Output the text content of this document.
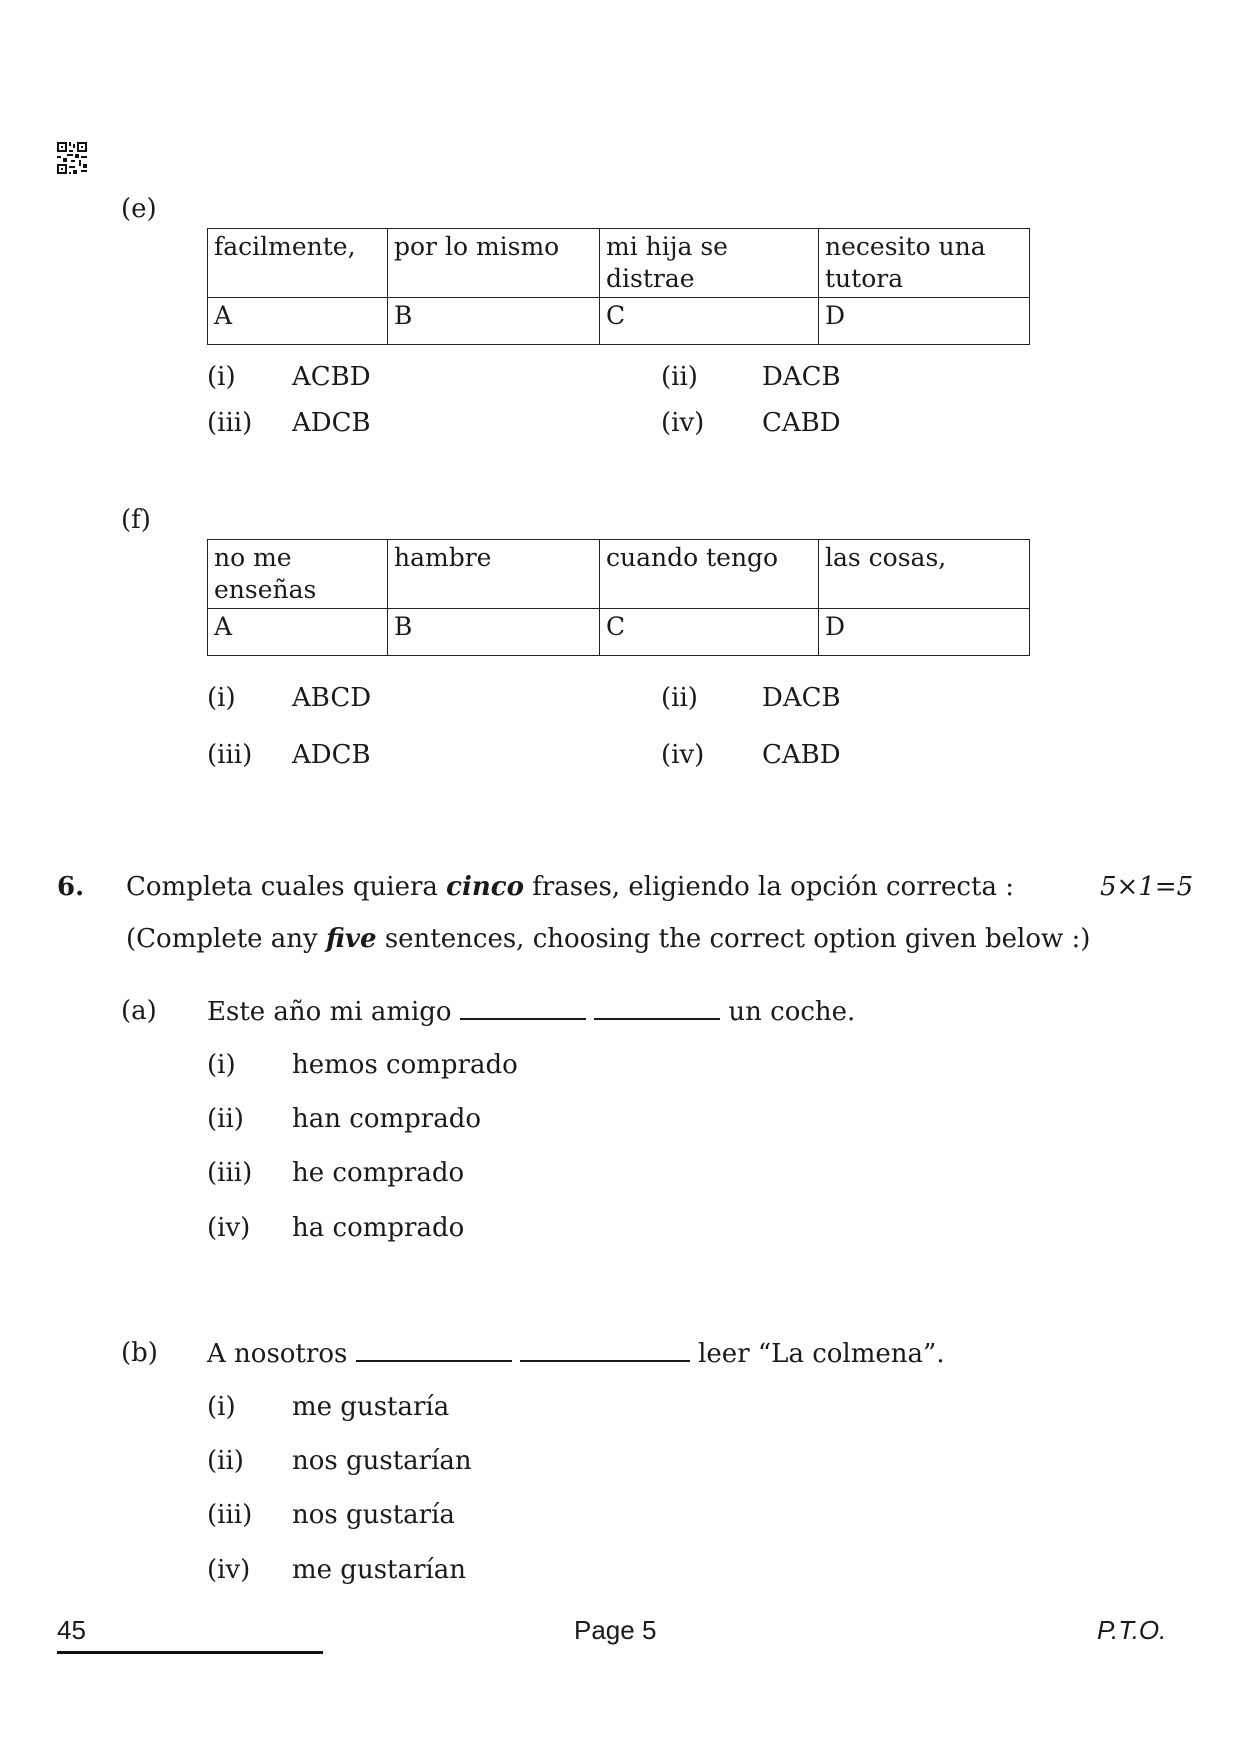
(e)
facilmente,	por lo mismo	mi hija se distrae	necesito una tutora
A	B	C	D
(i) ACBD	(ii) DACB
(iii) ADCB	(iv) CABD
(f)
no me enseñas	hambre	cuando tengo	las cosas,
A	B	C	D
(i) ABCD	(ii) DACB
(iii) ADCB	(iv) CABD
6. Completa cuales quiera cinco frases, eligiendo la opción correcta :	5×1=5
(Complete any five sentences, choosing the correct option given below :)
(a) Este año mi amigo	un coche.
(i) hemos comprado
(ii) han comprado
(iii) he comprado
(iv) ha comprado
(b) A nosotros	leer “La colmena”.
(i) me gustaría
(ii) nos gustarían
(iii) nos gustaría
(iv) me gustarían
45	Page 5	P.T.O.
